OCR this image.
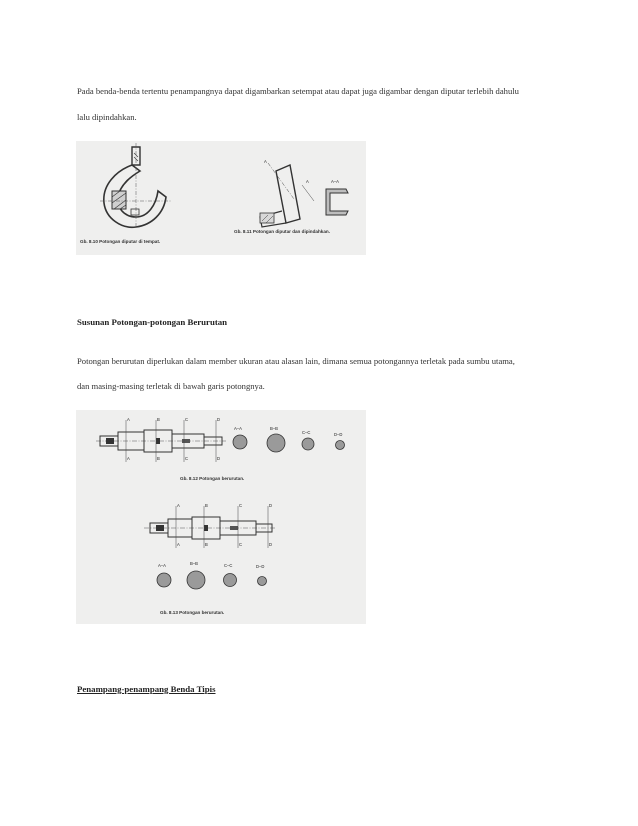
Pada benda-benda tertentu penampangnya dapat digambarkan setempat atau dapat juga digambar dengan diputar terlebih dahulu

lalu dipindahkan.

Gb. 8.10 Potongan diputar di tempat.
A
A	A–A
Gb. 8.11 Potongan diputar dan dipindahkan.

Susunan Potongan-potongan Berurutan

Potongan berurutan diperlukan dalam member ukuran atau alasan lain, dimana semua potongannya terletak pada sumbu utama,

dan masing-masing terletak di bawah garis potongnya.

A	B	C	D
A	B	C	D
A–A	B–B
C–C	D–D
Gb. 8.12 Potongan berurutan.
A	B	C	D
A	B	C	D
A–A	B–B	C–C	D–D
Gb. 8.13 Potongan berurutan.

Penampang-penampang Benda Tipis
